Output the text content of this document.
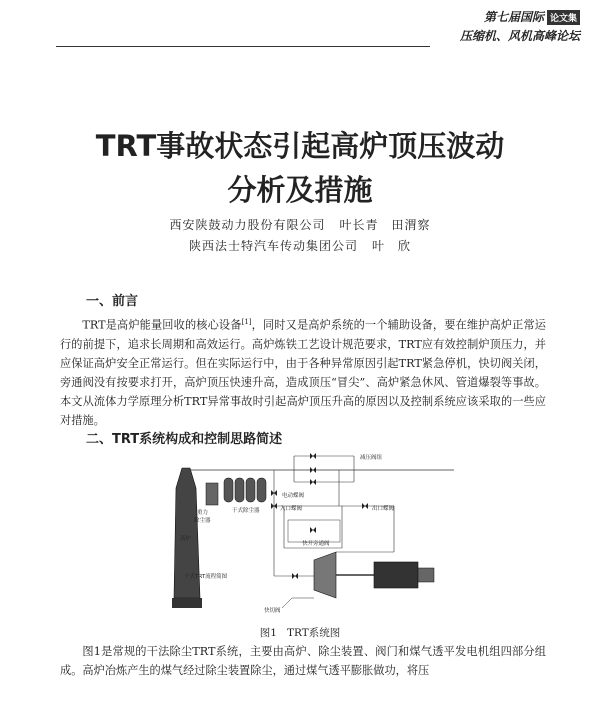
第七届国际 论文集
压缩机、风机高峰论坛
TRT事故状态引起高炉顶压波动
分析及措施
西安陕鼓动力股份有限公司 叶长青　田渭察
陕西法士特汽车传动集团公司 叶　欣
一、前言
TRT是高炉能量回收的核心设备[1]，同时又是高炉系统的一个辅助设备，要在维护高炉正常运行的前提下，追求长周期和高效运行。高炉炼铁工艺设计规范要求，TRT应有效控制炉顶压力，并应保证高炉安全正常运行。但在实际运行中，由于各种异常原因引起TRT紧急停机，快切阀关闭，旁通阀没有按要求打开，高炉顶压快速升高，造成顶压“冒尖”、高炉紧急休风、管道爆裂等事故。本文从流体力学原理分析TRT异常事故时引起高炉顶压升高的原因以及控制系统应该采取的一些应对措施。
二、TRT系统构成和控制思路简述
高炉
重力
除尘器
干式除尘器
减压阀组
电动蝶阀
入口蝶阀	出口蝶阀
快开旁通阀
干式TRT流程简图
快切阀
图1 TRT系统图
图1是常规的干法除尘TRT系统，主要由高炉、除尘装置、阀门和煤气透平发电机组四部分组成。高炉冶炼产生的煤气经过除尘装置除尘，通过煤气透平膨胀做功，将压
